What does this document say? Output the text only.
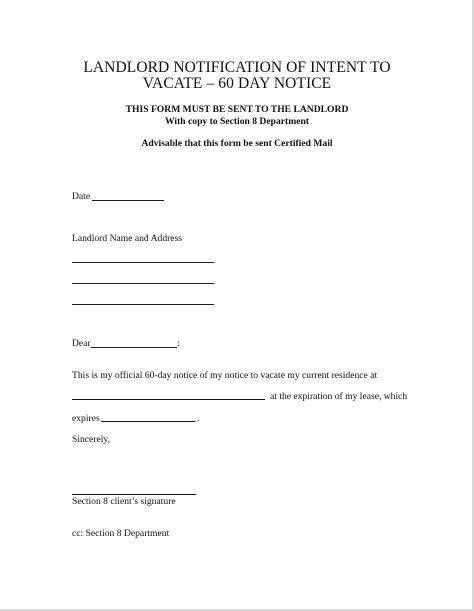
LANDLORD NOTIFICATION OF INTENT TO
VACATE – 60 DAY NOTICE
THIS FORM MUST BE SENT TO THE LANDLORD
With copy to Section 8 Department
Advisable that this form be sent Certified Mail
Date
Landlord Name and Address
Dear	:
This is my official 60-day notice of my notice to vacate my current residence at
at the expiration of my lease, which
expires	.
Sincerely,
Section 8 client’s signature
cc: Section 8 Department
